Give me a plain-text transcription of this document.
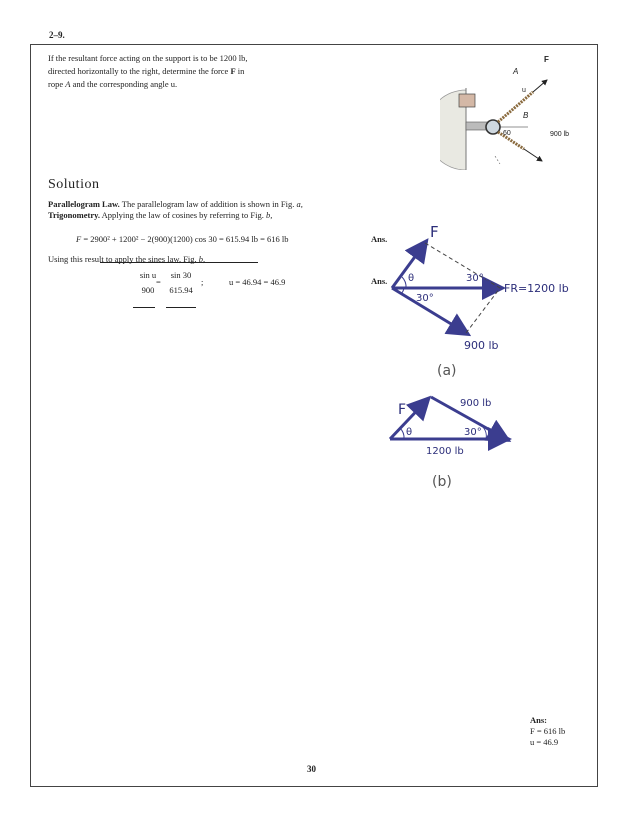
2–9.
If the resultant force acting on the support is to be 1200 lb,
directed horizontally to the right, determine the force F in
rope A and the corresponding angle u.
F
A
u
B
60	900 lb
Solution
Parallelogram Law. The parallelogram law of addition is shown in Fig. a,
Trigonometry. Applying the law of cosines by referring to Fig. b,
F = 2900² + 1200² − 2(900)(1200) cos 30 = 615.94 lb = 616 lb	Ans.
Using this result to apply the sines law, Fig. b,
sin u
900
=
sin 30
615.94
;	u = 46.94 = 46.9	Ans.
F
θ	30°
30°
FR=1200 lb
900 lb
(a)
F	900 lb
θ	30°
1200 lb
(b)
Ans:
F = 616 lb
u = 46.9
30
